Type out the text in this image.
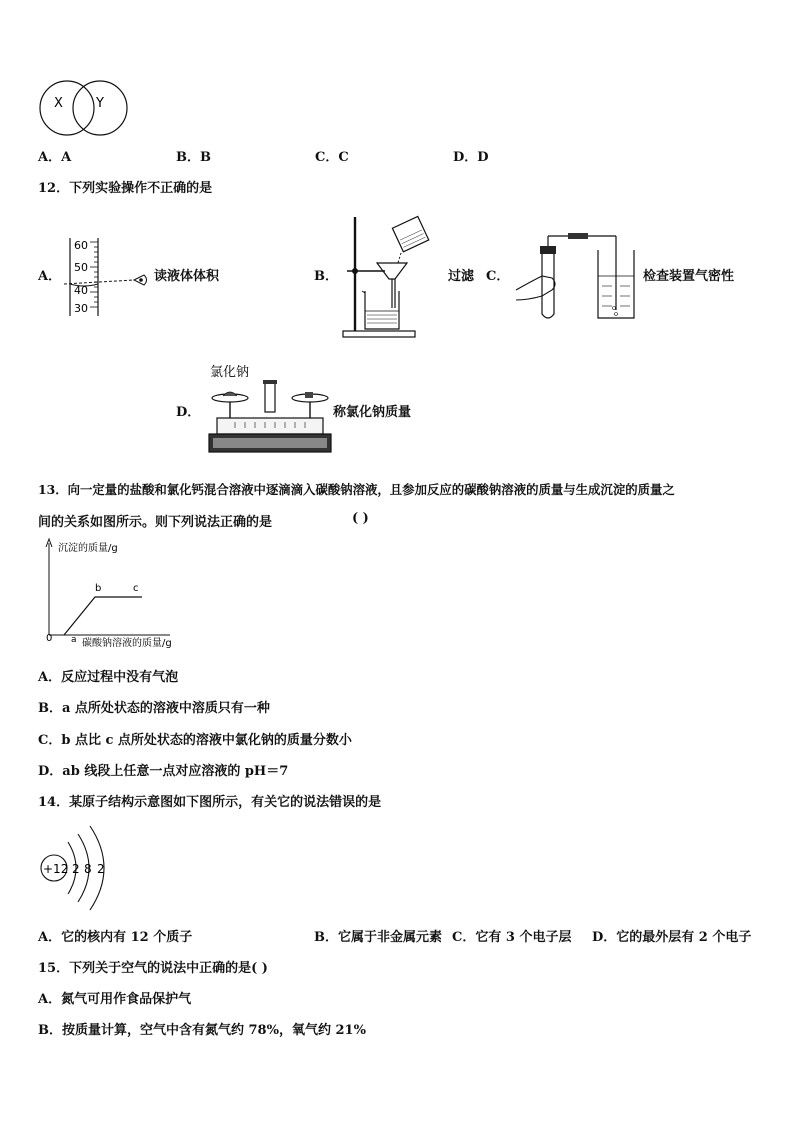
X	Y
A．A	B．B	C．C	D．D
12．下列实验操作不正确的是
A．
60
50
40
30
读液体体积	B．	过滤 C．	检查装置气密性
D．
氯化钠
称氯化钠质量
13．向一定量的盐酸和氯化钙混合溶液中逐滴滴入碳酸钠溶液，且参加反应的碳酸钠溶液的质量与生成沉淀的质量之
间的关系如图所示。则下列说法正确的是	( )
沉淀的质量/g
0	碳酸钠溶液的质量/g
a
b	c
A．反应过程中没有气泡
B．a 点所处状态的溶液中溶质只有一种
C．b 点比 c 点所处状态的溶液中氯化钠的质量分数小
D．ab 线段上任意一点对应溶液的 pH＝7
14．某原子结构示意图如下图所示，有关它的说法错误的是
+12 2 8 2
A．它的核内有 12 个质子	B．它属于非金属元素 C．它有 3 个电子层 D．它的最外层有 2 个电子
15．下列关于空气的说法中正确的是( )
A．氮气可用作食品保护气
B．按质量计算，空气中含有氮气约 78%，氧气约 21%
